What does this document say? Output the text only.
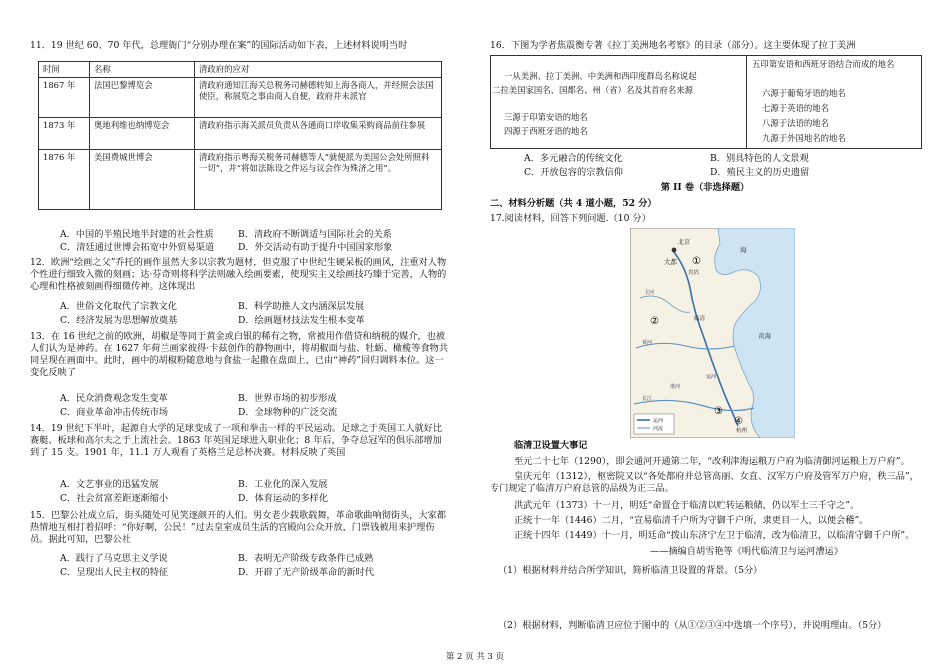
11．19 世纪 60、70 年代，总理衙门“分别办理在案”的国际活动如下表，上述材料说明当时
时间	名称	清政府的应对
1867 年	法国巴黎博览会	清政府通知江海关总税务司赫德转知上海各商人，并经照会法国使臣，称展览之事由商人自便，政府并未派官
1873 年	奥地利维也纳博览会	清政府指示海关派员负责从各通商口岸收集采购商品前往参展
1876 年	美国费城世博会	清政府指示粤海关税务司赫德等人“就便派为美国公会处所照料一切”，并“将如法陈设之件运与议会作为殊济之用”。
A．中国的半殖民地半封建的社会性质	B．清政府不断调适与国际社会的关系
C．清廷通过世博会拓宽中外贸易渠道	D．外交活动有助于提升中国国家形象
12．欧洲“绘画之父”乔托的画作虽然大多以宗教为题材，但克服了中世纪生硬呆板的画风，注重对人物个性进行细致入微的刻画；达·芬奇则将科学法则融入绘画要素，使现实主义绘画技巧臻于完善，人物的心理和性格被刻画得细微传神。这体现出
A．世俗文化取代了宗教文化	B．科学助推人文内涵深层发展
C．经济发展为思想解放奠基	D．绘画题材技法发生根本变革
13．在 16 世纪之前的欧洲，胡椒是等同于黄金或白银的稀有之物，常被用作借贷和纳税的媒介，也被人们认为是神药。在 1627 年荷兰画家彼得·卡兹创作的静物画中，将胡椒面与盐、牡蛎、橄榄等食物共同呈现在画面中。此时，画中的胡椒粉随意地与食盐一起撒在盘面上，已由“神药”回归调料本位。这一变化反映了
A．民众消费观念发生变革	B．世界市场的初步形成
C．商业革命冲击传统市场	D．全球物种的广泛交流
14．19 世纪下半叶，起源自大学的足球变成了一项和拳击一样的平民运动。足球之于英国工人就好比赛艇、板球和高尔夫之于上流社会。1863 年英国足球进入职业化；8 年后，争夺总冠军的俱乐部增加到了 15 支。1901 年，11.1 万人观看了英格兰足总杯决赛。材料反映了英国
A．文艺事业的迅猛发展	B．工业化的深入发展
C．社会贫富差距逐渐缩小	D．体育运动的多样化
15．巴黎公社成立后，街头随处可见笑逐颜开的人们。男女老少载歌载舞，革命歌曲响彻街头，大家都热情地互相打着招呼：“你好啊，公民！”过去皇室成员生活的宫殿向公众开放，门票钱被用来护理伤员。据此可知，巴黎公社
A．践行了马克思主义学说	B．表明无产阶级专政条件已成熟
C．呈现出人民主权的特征	D．开辟了无产阶级革命的新时代
16．下图为学者焦震衡专著《拉丁美洲地名考察》的目录（部分）。这主要体现了拉丁美洲
一从美洲、拉丁美洲、中美洲和西印度群岛名称说起
二拉美国家国名、国都名、州（省）名及其首府名来源
三源于印第安语的地名
四源于西班牙语的地名
五印第安语和西班牙语结合而成的地名
六源于葡萄牙语的地名
七源于英语的地名
八源于法语的地名
九源于外国地名的地名
A．多元融合的传统文化	B．别具特色的人文景观
C．开放包容的宗教信仰	D．殖民主义的历史遗留
第 II 卷（非选择题）
二、材料分析题（共 4 道小题，52 分）
17.阅读材料，回答下列问题.（10 分）
大都
北京
直沽
临清
海
黄海
杭州
卫河
运河
长江
黄河
淮河
①
②
③
④
运河
河流
临清卫设置大事记
至元二十七年（1290），即会通河开通第二年，“改利津海运粮万户府为临清御河运粮上万户府”。
皇庆元年（1312），枢密院又以“各处都府并总管高丽、女直、汉军万户府及管军万户府，秩三品”，专门规定了临清万户府总管的品级为正三品。
洪武元年（1373）十一月，明廷“命置仓于临清以贮转运粮储，仍以军士三千守之”。
正统十一年（1446）二月，“宣易临清千户所为守御千户所，隶更目一人，以便会稽”。
正统十四年（1449）十一月，明廷命“拨山东济宁左卫于临清，改为临清卫，以临清守御千户所”。
——摘编自胡雪艳等《明代临清卫与运河漕运》
（1）根据材料并结合所学知识，简析临清卫设置的背景。（5分）
（2）根据材料，判断临清卫应位于图中的（从①②③④中选填一个序号），并说明理由。（5分）
第 2 页 共 3 页
